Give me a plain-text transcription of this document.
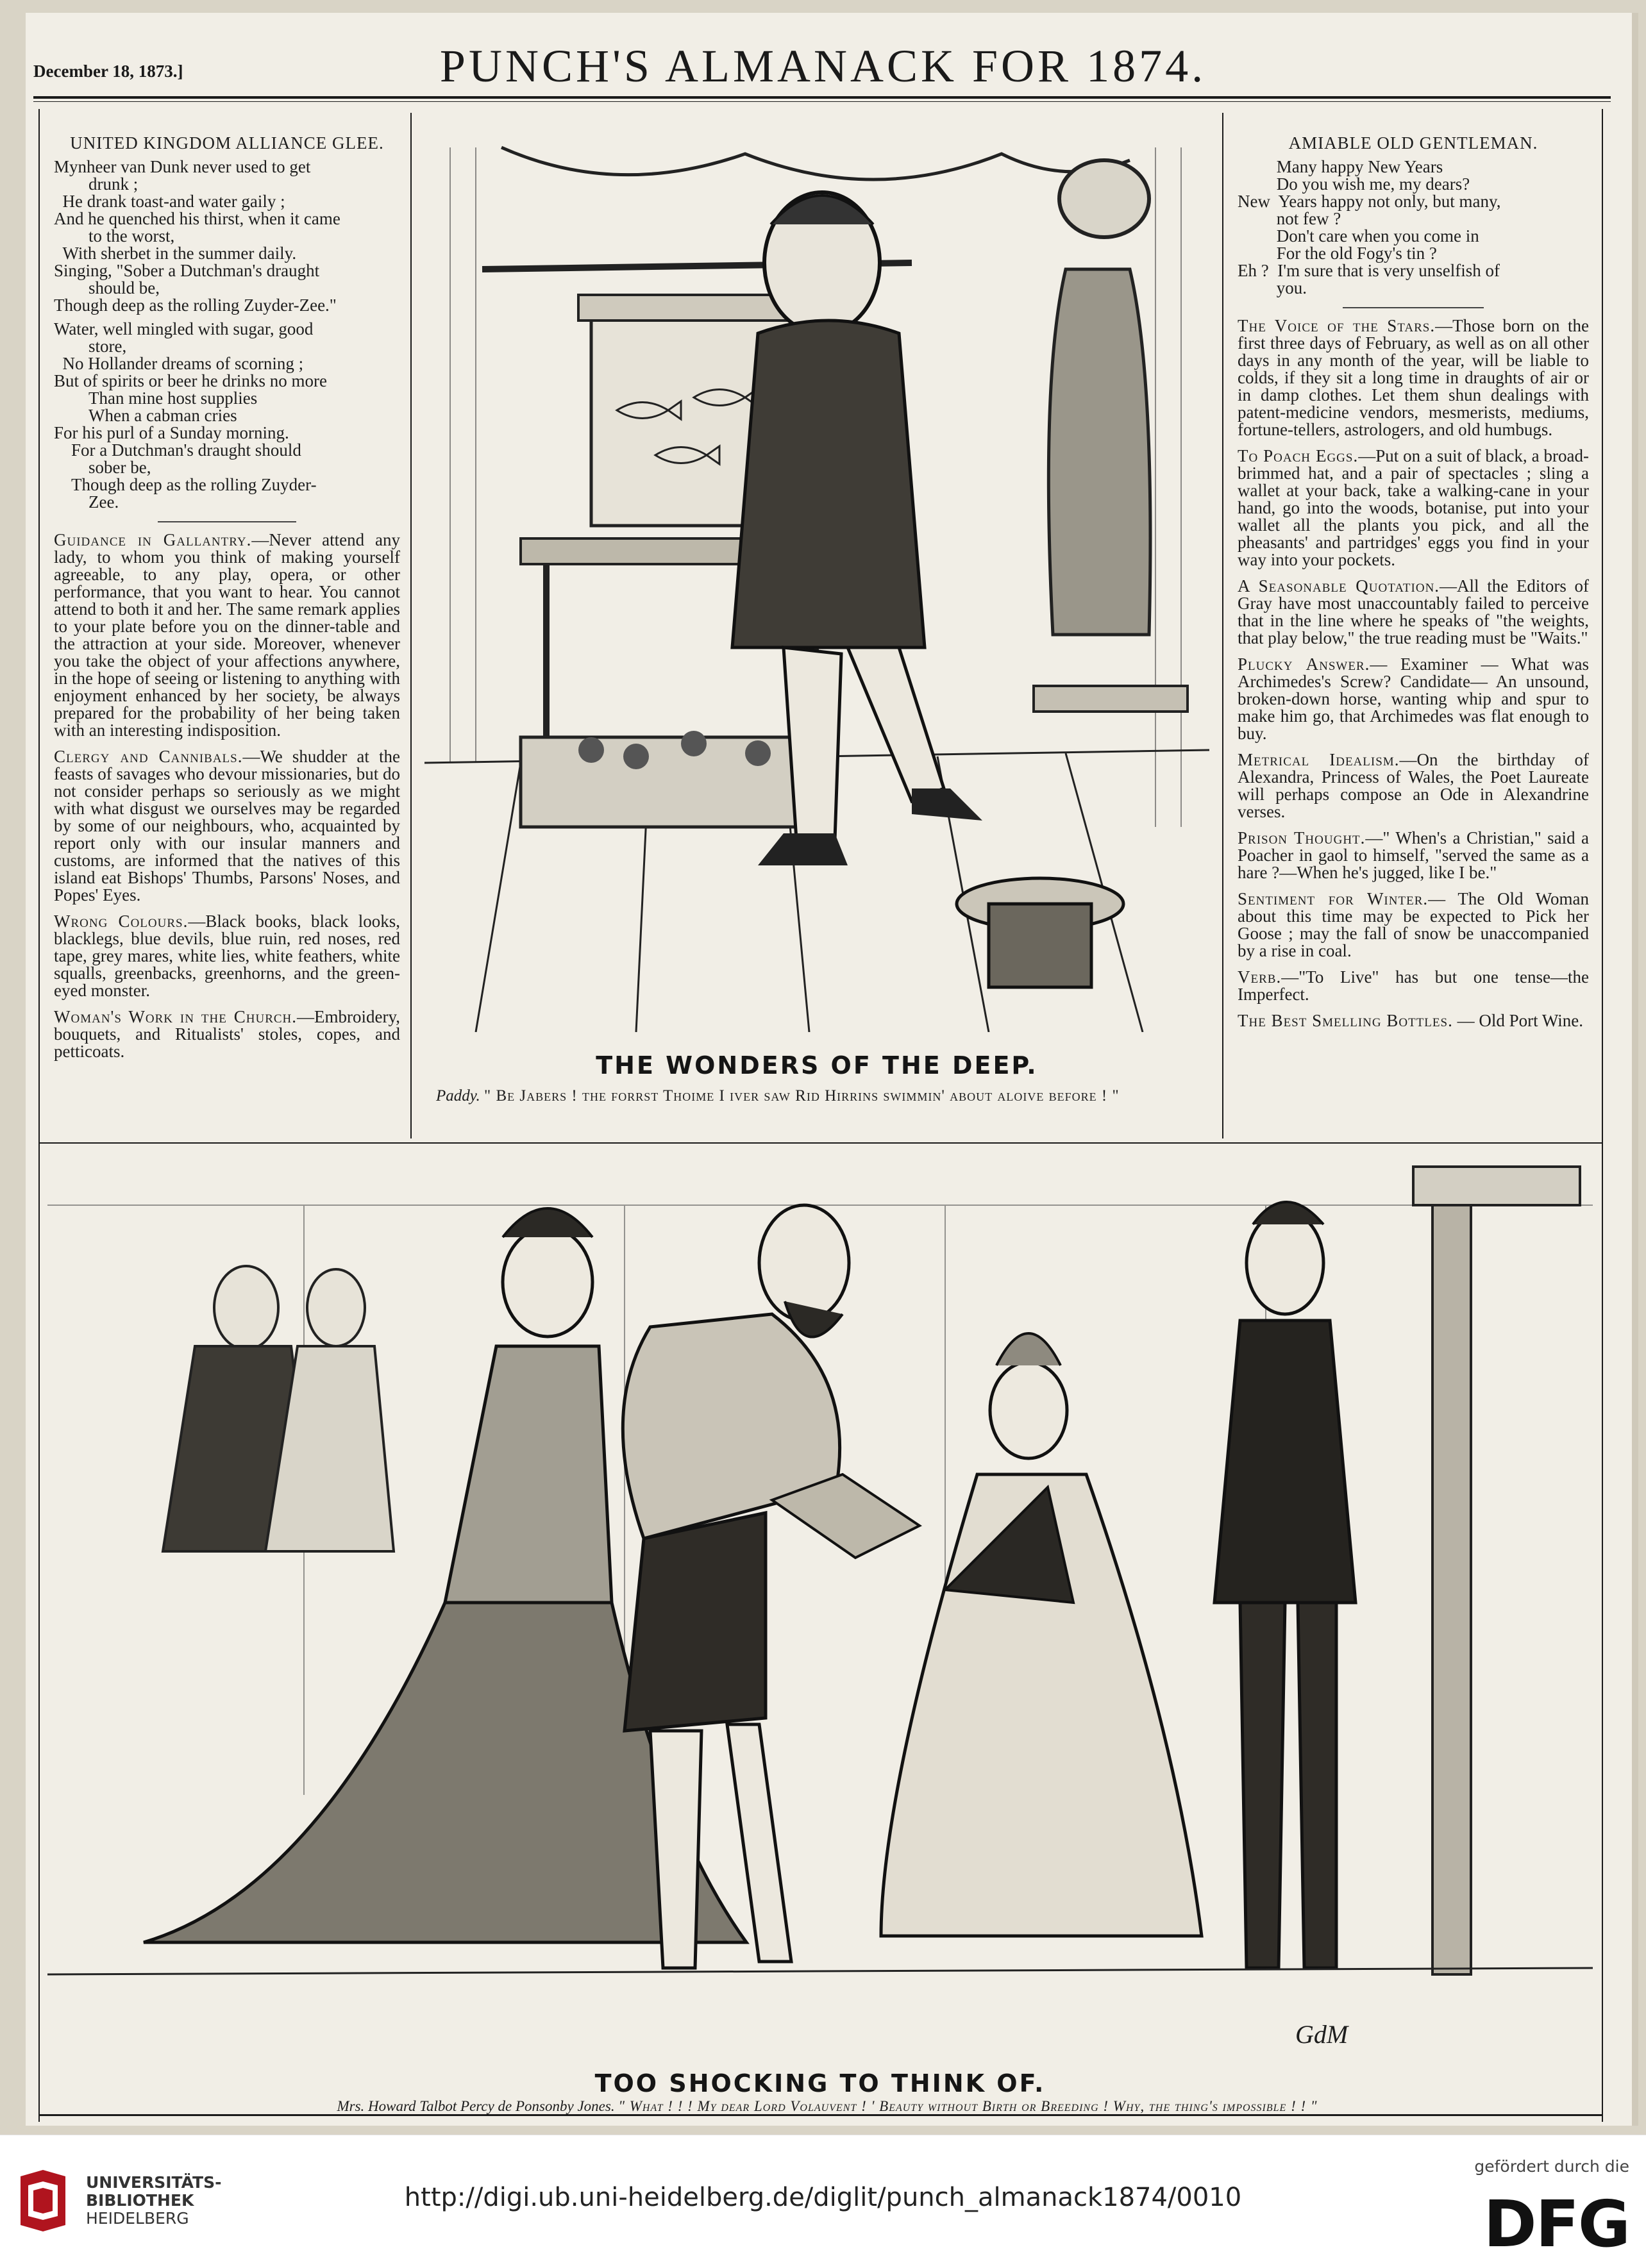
December 18, 1873.]	PUNCH'S ALMANACK FOR 1874.
UNITED KINGDOM ALLIANCE GLEE.
Mynheer van Dunk never used to get
drunk ;
He drank toast-and water gaily ;
And he quenched his thirst, when it came
to the worst,
With sherbet in the summer daily.
Singing, "Sober a Dutchman's draught
should be,
Though deep as the rolling Zuyder-Zee."
Water, well mingled with sugar, good
store,
No Hollander dreams of scorning ;
But of spirits or beer he drinks no more
Than mine host supplies
When a cabman cries
For his purl of a Sunday morning.
For a Dutchman's draught should
sober be,
Though deep as the rolling Zuyder-
Zee.

Guidance in Gallantry.—Never attend any lady, to whom you think of making yourself agreeable, to any play, opera, or other performance, that you want to hear. You cannot attend to both it and her. The same remark applies to your plate before you on the dinner-table and the attraction at your side. Moreover, whenever you take the object of your affections anywhere, in the hope of seeing or listening to anything with enjoyment enhanced by her society, be always prepared for the probability of her being taken with an interesting indisposition.

Clergy and Cannibals.—We shudder at the feasts of savages who devour missionaries, but do not consider perhaps so seriously as we might with what disgust we ourselves may be regarded by some of our neighbours, who, acquainted by report only with our insular manners and customs, are informed that the natives of this island eat Bishops' Thumbs, Parsons' Noses, and Popes' Eyes.

Wrong Colours.—Black books, black looks, blacklegs, blue devils, blue ruin, red noses, red tape, grey mares, white lies, white feathers, white squalls, greenbacks, greenhorns, and the green-eyed monster.

Woman's Work in the Church.—Embroidery, bouquets, and Ritualists' stoles, copes, and petticoats.	THE WONDERS OF THE DEEP.
Paddy. " Be Jabers ! the forrst Thoime I iver saw Rid Hirrins swimmin' about aloive before ! "
AMIABLE OLD GENTLEMAN.
Many happy New Years
Do you wish me, my dears?
New  Years happy not only, but many,
not few ?
Don't care when you come in
For the old Fogy's tin ?
Eh ?  I'm sure that is very unselfish of
you.

The Voice of the Stars.—Those born on the first three days of February, as well as on all other days in any month of the year, will be liable to colds, if they sit a long time in draughts of air or in damp clothes. Let them shun dealings with patent-medicine vendors, mesmerists, mediums, fortune-tellers, astrologers, and old humbugs.

To Poach Eggs.—Put on a suit of black, a broad-brimmed hat, and a pair of spectacles ; sling a wallet at your back, take a walking-cane in your hand, go into the woods, botanise, put into your wallet all the plants you pick, and all the pheasants' and partridges' eggs you find in your way into your pockets.

A Seasonable Quotation.—All the Editors of Gray have most unaccountably failed to perceive that in the line where he speaks of "the weights, that play below," the true reading must be "Waits."

Plucky Answer.— Examiner — What was Archimedes's Screw? Candidate— An unsound, broken-down horse, wanting whip and spur to make him go, that Archimedes was flat enough to buy.

Metrical Idealism.—On the birthday of Alexandra, Princess of Wales, the Poet Laureate will perhaps compose an Ode in Alexandrine verses.

Prison Thought.—" When's a Christian," said a Poacher in gaol to himself, "served the same as a hare ?—When he's jugged, like I be."

Sentiment for Winter.— The Old Woman about this time may be expected to Pick her Goose ; may the fall of snow be unaccompanied by a rise in coal.

Verb.—"To Live" has but one tense—the Imperfect.

The Best Smelling Bottles. — Old Port Wine.

GdM
TOO SHOCKING TO THINK OF.
Mrs. Howard Talbot Percy de Ponsonby Jones. " What ! ! ! My dear Lord Volauvent ! ' Beauty without Birth or Breeding ! Why, the thing's impossible ! ! "
UNIVERSITÄTS-
BIBLIOTHEK
HEIDELBERG
http://digi.ub.uni-heidelberg.de/diglit/punch_almanack1874/0010
gefördert durch die
DFG
